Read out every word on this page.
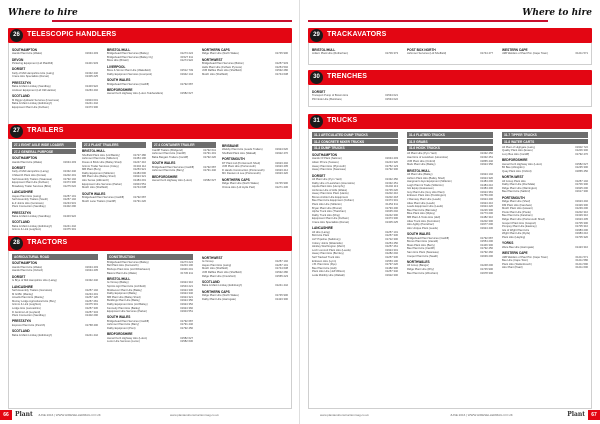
Where to hire
26	TELESCOPIC HANDLERS
SOUTHAMPTON
Hands Plant Hire (Wales)	01634 403
DEVON
Pickering Equipment (Ltd Plaidhill)	01401 933
DORSET
Kelly of Mid Hampshire Hire (Laing)	01332 440
Crane Hire Specialists (Dorset)	01305 225
PRESTATYN
Baba & Mark Lindsey (Sandbay)	01403 922
Andover Equipment (Ltd Old Harlow)	01263 402
SCOTLAND
M Riggs Hydraulic Services (Inverness)	01904 001
Baba & Mark Lindsey (Edinburgh)	01241 442
Equipment Plant Hire (Fulham)	01373 300
BRISTOL/HULL
Bridgehead Plant Services (Batley)	01273 224
Bridgehead Plant Services (Batley Cty)	01527 311
Boss Hire (Bristol)	01274 922
LIVERPOOL
Boss & Simon Plant Hire (Wakefield)	01512 749
Dalby Equipment Services (Liverpool)	01942 144
SOUTH WALES
Bridgehead Plant Services (Cardiff)	01792 687
BEDFORDSHIRE
Hemel Kerb Highway Hire (Luton Telehandlers)	01582 627
NORTHERN CAPS
Ridge Plant Hire (North Wales)	01745 900
NORTHWEST
Bridgehead Plant Services (Bolton)	01257 933
Hells Plant Hire (Fulham Pymore)	01254 502
JCB Raffles Plant Hire (Sheffield)	01532 280
Mulch Hire (Sheffield)	01744 638
27	TRAILERS
27.1 EIGHT AXLE WIDE LOADER
27.2 GENERAL PURPOSE
SOUTHAMPTON
Hands Plant Hire (Wales)	01634 403
DORSET
Kelly of Mid Hampshire (Laing)	01332 440
Chilworth Plant Hire (Dorset)	01202 401
Self Assembly Trailers (Swansea)	01792 102
Equipment Plant Hire (Fulham)	01373 300
Broadway Trailer Services (Brist)	01275 622
LANCASHIRE
Hayes Plant Hire (Laing)	01257 101
Self Assembly Trailers (South)	01257 102
E-Z Joints Hire (Gorstows)	01234 931
Plant Connection (Sandbay)	01402 290
PRESTATYN
Baba & Mark Lindsey (Sandbay)	01403 922
SCOTLAND
Baba & Mark Lindsey (Edinburgh)	01241 442
Grimm & Link (Leighton)	01375 301
27.3 PLANT TRAILERS
BRISTOL/HULL
Sheffield Plant Hire (Ltd Barsby)	01727 480
Ashmoor Plant Hire (Stillerton)	01454 190
Doves & Brick Hire (Batley Shed)	01247 410
Grimm Trailer Services (Coley)	01304 112
MB Plant (Bury)	01253 921
Dalby Equipment (Stillerton)	01484 600
MB Plant Hire (Batley Shed)	01924 321
Hire Sense (Hillmarch)	01484 201
Equipment Hire Services (Parker)	01904 551
Mulch Hire (Sheffield)	01744 638
SOUTH WALES
Bridgehead Plant Services (Cardiff)	01792 687
Mulch Lane Trailers (Cardiff)	01791 220
27.4 CONTAINER TRAILER
Cardiff Trailers (Bridgend)	01792 641
Ashmoor Plant Hire (Cardiff)	01791 401
Baba Bargain Trailers (Cardiff)	01792 220
SOUTH WALES
Bridgehead Plant Services (Cardiff)	01792 687
Ashmoor Plant Hire (Barry)	01791 440
BEDFORDSHIRE
Hemel Kerb Highway Hire (Luton)	01582 627
BRISBANE
Walsby Plant Hire (Leeds Trailers)	01924 620
Sheffield Plant Hire (Walsall)	01922 470
PORTSMOUTH
DT Plant Ltd (Portsmouth Shed)	01623 402
JCB Plant Hire (Portsmouth)	01623 405
D Hands Construction (Portsmouth)	01623 412
MC Davison & Lee (Portsmouth)	01623 420
NORTHERN CAPS
Ridge Plant Hire (North Wales)	01745 900
Ortona Hire (Ltd Hyde Park)	01271 430
28	TRACTORS
AGRICULTURAL ROAD
SOUTHAMPTON
Hands Plant Hire (Wales)	01634 403
Hands Plant Hire (Oxford)	01634 405
DORSET
G Brys of Mid Hampshire Hire (Laing)	01332 440
LANCASHIRE
Self Assembly Trailers (Gorstows)	01257 102
M Griffin (Manley)	01234 401
Ansells Plant Hire (Manley)	01257 120
Murray Lodge Agricultural Hire (Bury)	01257 281
Grimm & Link (Leighton)	01375 301
Lodge Hire (Lancashire)	01257 330
D Jenkins Ltd (Leyland)	01257 334
Plant Connection (Sandbay)	01402 290
PRESTATYN
Express Plant Hire (Penrith)	01768 400
SCOTLAND
Baba & Mark Lindsey (Edinburgh)	01241 442
CONSTRUCTION
Bridgehead Plant Services (Batley)	01273 224
Bell Plant Hire (Farnworth)	01204 100
Bishops Plant Hire (Ltd Whitehaven)	01946 201
Basics Plant Hire (Wales)	01745 211
BRISTOL/HULL
GJ Group (Batley)	01924 310
Sprints Agri Plant Hire (Lichfield)	01543 221
Mickleover Plant Hire (Batley)	01924 330
Dalby Equipment (Batley)	01924 340
MB Plant Hire (Batley Shed)	01924 321
Buildings Plant Hire (Batley)	01924 350
Dalby Equipment Hire (Ltd Batley)	01924 352
Kennedy Plant Hire (Batley)	01924 360
Equipment Hire Services (Parker)	01904 551
SOUTH WALES
Bridgehead Plant Services (Cardiff)	01792 687
Ashmoor Plant Hire (Barry)	01791 440
Dalby Equipment (Pont)	01792 450
BEDFORDSHIRE
Hemel Kerb Highway Hire (Luton)	01582 627
Luton Hire Services (Luton)	01582 630
NORTHWEST
GJ Group	01257 102
Hayes Plant Hire (Laing)	01257 101
Mulch Hire (Sheffield)	01744 638
JCB Raffles Plant Hire (Sheffield)	01532 280
Ridge Plant Hire (Knutsford)	01565 223
SCOTLAND
Baba & Mark Lindsey (Edinburgh)	01241 442
NORTHERN CAPS
Ridge Plant Hire (North Wales)	01745 900
Dalby Plant Hire (Harrogate)	01423 300
66	Plant JUNE 2016 | WWW.HIRESELLERMAG.CO.UK	www.plantandconstructionmag.co.uk
Where to hire
29	TRACKAVATORS
BRISTOL/HULL
Ardern Plant Hire (Rotherham)	01709 373
POST BOX NORTH
Ashmoor Services (Ltd Sheffield)	01744 477
WESTERN CAPE
J&B Welders of Paul Pim (Cape Town)	01211 571
30	TRENCHES
DORSET
Transport Pump of Brown Hire	01534 021
Plit Nook Hire (Burshane)	01534 022
31	TRUCKS
31.1 ARTICULATED DUMP TRUCKS
31.2 CONCRETE MIXER TRUCKS
31.3 DUMP TRUCKS
SOUTHAMPTON
Hands Of Plant (Salmon)	01634 403
Adam Prince (Sussex)	01243 320
Heavy Plant Hire (Plymouth)	01752 123
Heavy Plant Hire (Swansea)	01792 300
DORSET
All Plant Hire (Pym Yard)	01332 450
Dalby Hire of Lewisham (Hounslow)	01332 451
Aquila Plant Hire (Humphry)	01202 113
Ambrose Hire of Hills (Wales)	01745 220
Heavy Plant Hire Plant (Hants)	01202 410
Bonus Ambler Hire Equipment	01202 418
Bee Plant Hire Equipment (Fulham)	01373 301
Plant Hire Hire (Stillerton)	01454 311
Bryan Plant Hire (Brunel)	01793 400
Alpha Truck Hire (Thatcham)	01635 202
Dalby Truck Hire (Ring)	01242 300
Equipment Plant Hire (Fulham)	01373 300
Crane Hire Specialists (Dorset)	01305 225
LANCASHIRE
All Hire (Laing)	01257 101
Bolt Hire Plant	01257 330
ALT Pipeline (Salisbury)	01722 300
Colony Joints (Waterside)	01254 450
Hinkley Worthington (Merrit)	01257 461
Loch Lomond Plant Hire (Leeds)	01924 301
Heavy Plant Hire (Burnley)	01282 202
Self Tracked Truck Hire	01257 330
Eriksson Hire (Lynn)	01553 100
J.B. Plant Hire (Rye)	01797 220
Bee Plant Hire (Hull)	01482 300
Plant Hire Hire (Jeff Wilson)	01257 340
Leda Mobility Hire (Walsall)	01922 300
31.4 FLATBED TRUCKS
31.5 GRABS
31.6 HOOK TRUCKS
All Plant Hire (Pym Yard)	01332 450
Haul Hire of Lewisham (Hounslow)	01332 451
JCB Plant Hire (Oxford)	01865 440
Mark Plant Hire (Batley)	01924 350
BRISTOL/HULL
All Plant Hire (Batley)	01924 102
Ashton Plant Hire (Batley Shed)	01924 320
Hangman's Eye Equipment (Stillerton)	01484 200
Leigh Plant & Trade (Stillerton)	01484 210
GH Equip (Halesowen)	01384 400
Guy Plant Hire (Guy Hire Plant)	01924 381
Eriksson Plant Hire (Pocklington)	01759 200
J Ramsay Plant Hire (Leeds)	01924 400
Atlas Plant Hire (Leeds)	01924 410
Leeds Equipment Hire (Leeds)	01924 420
Bee Plant Hire (Barnsley)	01226 300
Blue Plant Hire (Ripley)	01773 200
MB Plant & Tools Hire (Hull)	01482 310
Atlas Truck Hire (Ferndown)	01202 300
Hire Agility (Pontefract)	01977 200
Hire Unique Plant (Leeds)	01924 430
SOUTH WALES
Bridgehead Plant Services (Cardiff)	01792 687
Bonus Plant Hire (Llanelli)	01554 200
Mass Plant Hire (Barry)	01446 300
Bee Plant Hire (Cardiff)	01792 450
Sam Hire Plant (Swansea)	01792 460
Cooper Plant Hire (Neath)	01639 200
NORTHWALES
All Group (Bangor)	01248 200
Ridge Plant Hire (Rhyl)	01745 900
Bee Plant Hire (Wrexham)	01978 300
31.7 TIPPER TRUCKS
31.8 WATER CARTS
All Plant of Highgate (Laing)	01902 722
Quality Plant Hire (Essex)	01206 300
Lucy Bee Hire (Cardiff)	01792 470
BEDFORDSHIRE
Hemel Kerb Highway Hire (Luton)	01582 627
BJ Bee (Abingdon)	01235 300
Quay Plant Hire (Oxford)	01865 450
NORTH-WEST
All Group Plant Hire	01257 102
Dalby Plant Hire (Rochdale)	01706 300
Ridge Plant Hire (Warrington)	01925 200
Bee Plant Hire (Salford)	01617 300
PORTSMOUTH
Ridge Plant Hire (Shed)	01623 402
DM Plant Hire (Fareham)	01329 300
Mulch Plant Hire (Havant)	01239 200
Poole Plant Hire (Poole)	01202 310
Bee Plant Hire (Fareham)	01329 310
Ridge Plant Hire (Portsmouth Shed)	01623 405
Gosport Plant Hire (Gosport)	01705 300
Pompey Plant Hire (Eastney)	01705 310
Isle of Wight Plant Hire	01983 200
Wight Plant Hire (Ryde)	01983 210
Plant Hire (Hayling)	01705 320
YORKS
Ware Bee Hire (Harrogate)	01423 310
WESTERN CAPE
J&B Welders of Paul Pim (Cape Town)	01211 571
Bee Hire (Cape Town)	01211 580
Plant Hire (Stellenbosch)	01211 590
Hire Plant (Paarl)	01211 600
www.plantandconstructionmag.co.uk	JUNE 2016 | WWW.HIRESELLERMAG.CO.UK	Plant	67
